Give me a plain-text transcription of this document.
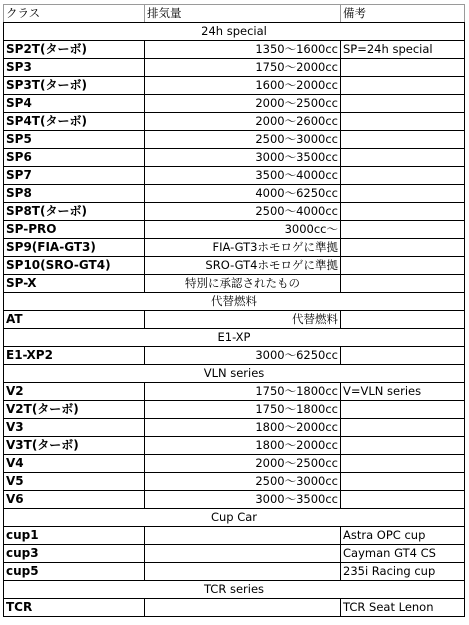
クラス	排気量	備考
24h special		
SP2T(ターボ)	1350～1600cc	SP=24h special
SP3	1750～2000cc	
SP3T(ターボ)	1600～2000cc	
SP4	2000～2500cc	
SP4T(ターボ)	2000～2600cc	
SP5	2500～3000cc	
SP6	3000～3500cc	
SP7	3500～4000cc	
SP8	4000～6250cc	
SP8T(ターボ)	2500～4000cc	
SP-PRO	3000cc～	
SP9(FIA-GT3)	FIA-GT3ホモロゲに準拠	
SP10(SRO-GT4)	SRO-GT4ホモロゲに準拠	
SP-X	特別に承認されたもの	
代替燃料		
AT	代替燃料	
E1-XP		
E1-XP2	3000～6250cc	
VLN series		
V2	1750～1800cc	V=VLN series
V2T(ターボ)	1750～1800cc	
V3	1800～2000cc	
V3T(ターボ)	1800～2000cc	
V4	2000～2500cc	
V5	2500～3000cc	
V6	3000～3500cc	
Cup Car		
cup1		Astra OPC cup
cup3		Cayman GT4 CS
cup5		235i Racing cup
TCR series		
TCR		TCR Seat Lenon
